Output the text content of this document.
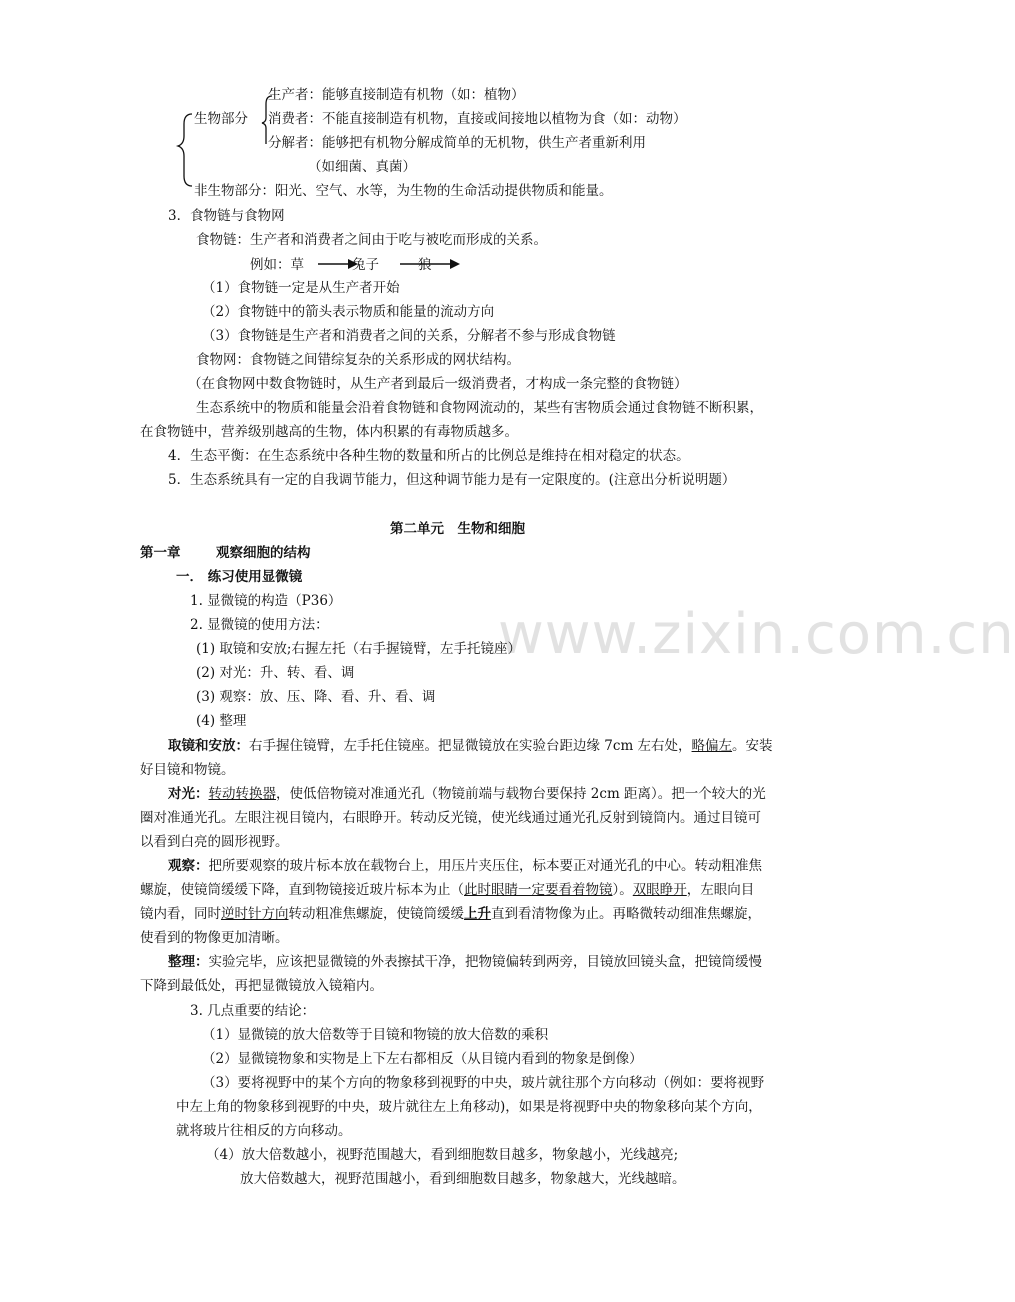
www.zixin.com.cn
生产者：能够直接制造有机物（如：植物）
生物部分 消费者：不能直接制造有机物，直接或间接地以植物为食（如：动物）
分解者：能够把有机物分解成简单的无机物，供生产者重新利用
（如细菌、真菌）
非生物部分：阳光、空气、水等，为生物的生命活动提供物质和能量。
3．食物链与食物网
食物链：生产者和消费者之间由于吃与被吃而形成的关系。
例如：草	兔子	狼
（1）食物链一定是从生产者开始
（2）食物链中的箭头表示物质和能量的流动方向
（3）食物链是生产者和消费者之间的关系，分解者不参与形成食物链
食物网：食物链之间错综复杂的关系形成的网状结构。
（在食物网中数食物链时，从生产者到最后一级消费者，才构成一条完整的食物链）
生态系统中的物质和能量会沿着食物链和食物网流动的，某些有害物质会通过食物链不断积累，
在食物链中，营养级别越高的生物，体内积累的有毒物质越多。
4．生态平衡：在生态系统中各种生物的数量和所占的比例总是维持在相对稳定的状态。
5．生态系统具有一定的自我调节能力，但这种调节能力是有一定限度的。(注意出分析说明题）
第二单元　生物和细胞
第一章	观察细胞的结构
一． 练习使用显微镜
1. 显微镜的构造（P36）
2. 显微镜的使用方法：
(1) 取镜和安放;右握左托（右手握镜臂，左手托镜座）
(2) 对光：升、转、看、调
(3) 观察：放、压、降、看、升、看、调
(4) 整理
取镜和安放：右手握住镜臂，左手托住镜座。把显微镜放在实验台距边缘 7cm 左右处，略偏左。安装
好目镜和物镜。
对光：转动转换器，使低倍物镜对准通光孔（物镜前端与载物台要保持 2cm 距离）。把一个较大的光
圈对准通光孔。左眼注视目镜内，右眼睁开。转动反光镜，使光线通过通光孔反射到镜筒内。通过目镜可
以看到白亮的圆形视野。
观察：把所要观察的玻片标本放在载物台上，用压片夹压住，标本要正对通光孔的中心。转动粗准焦
螺旋，使镜筒缓缓下降，直到物镜接近玻片标本为止（此时眼睛一定要看着物镜）。双眼睁开，左眼向目
镜内看，同时逆时针方向转动粗准焦螺旋，使镜筒缓缓上升直到看清物像为止。再略微转动细准焦螺旋，
使看到的物像更加清晰。
整理：实验完毕，应该把显微镜的外表擦拭干净，把物镜偏转到两旁，目镜放回镜头盒，把镜筒缓慢
下降到最低处，再把显微镜放入镜箱内。
3. 几点重要的结论：
（1）显微镜的放大倍数等于目镜和物镜的放大倍数的乘积
（2）显微镜物象和实物是上下左右都相反（从目镜内看到的物象是倒像）
（3）要将视野中的某个方向的物象移到视野的中央，玻片就往那个方向移动（例如：要将视野
中左上角的物象移到视野的中央，玻片就往左上角移动)，如果是将视野中央的物象移向某个方向，
就将玻片往相反的方向移动。
（4）放大倍数越小，视野范围越大，看到细胞数目越多，物象越小，光线越亮;
放大倍数越大，视野范围越小，看到细胞数目越多，物象越大，光线越暗。
